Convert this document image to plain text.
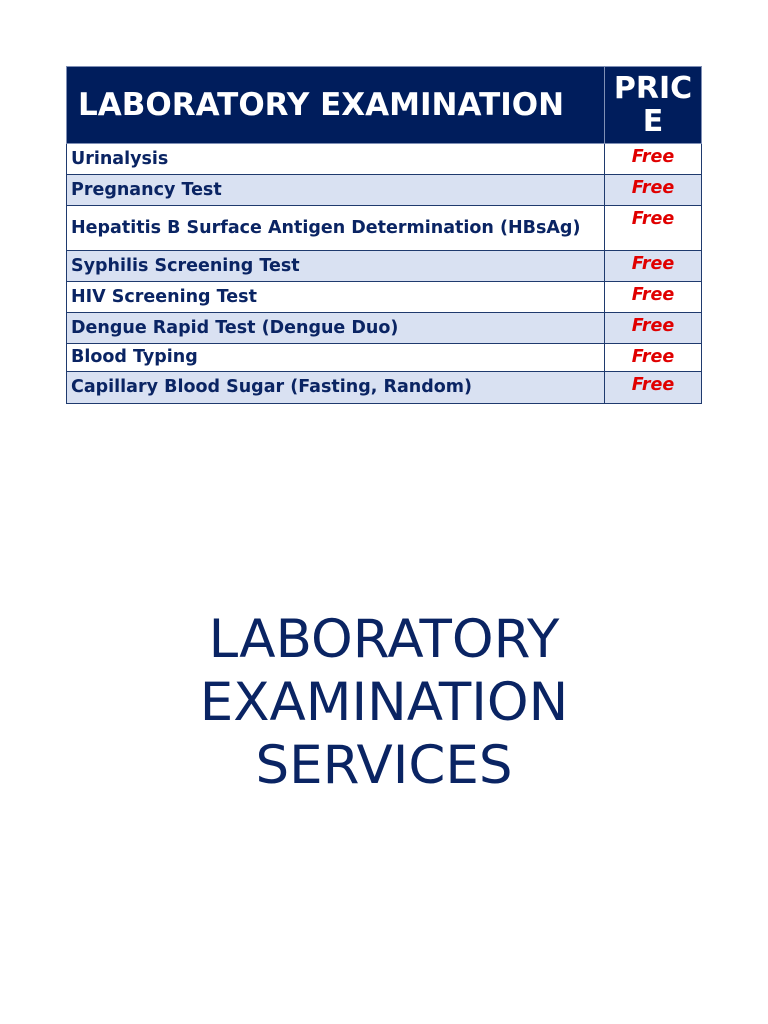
LABORATORY EXAMINATION	PRICE
Urinalysis	Free
Pregnancy Test	Free
Hepatitis B Surface Antigen Determination (HBsAg)	Free
Syphilis Screening Test	Free
HIV Screening Test	Free
Dengue Rapid Test (Dengue Duo)	Free
Blood Typing	Free
Capillary Blood Sugar (Fasting, Random)	Free
LABORATORY
EXAMINATION
SERVICES
